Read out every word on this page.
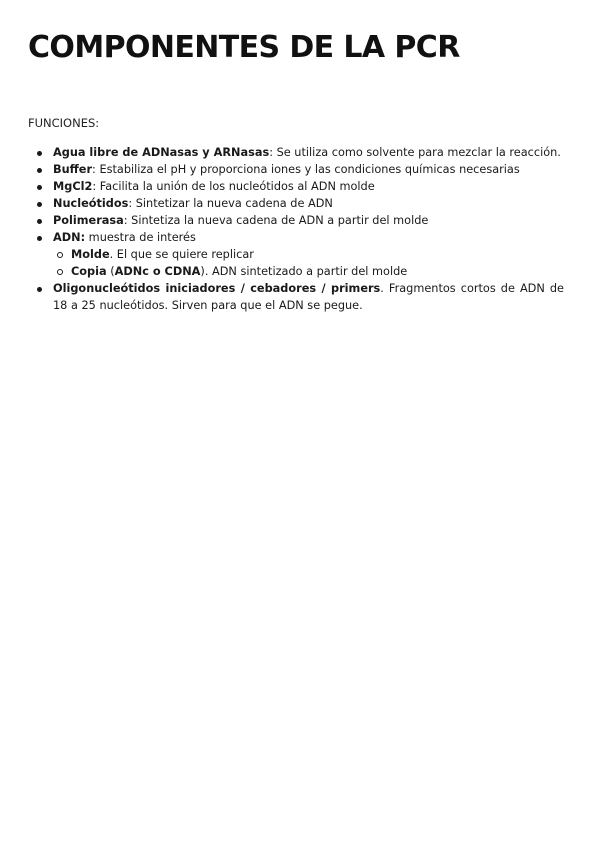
COMPONENTES DE LA PCR
FUNCIONES:
Agua libre de ADNasas y ARNasas: Se utiliza como solvente para mezclar la reacción.
Buffer: Estabiliza el pH y proporciona iones y las condiciones químicas necesarias
MgCl2: Facilita la unión de los nucleótidos al ADN molde
Nucleótidos: Sintetizar la nueva cadena de ADN
Polimerasa: Sintetiza la nueva cadena de ADN a partir del molde
ADN: muestra de interés
Molde. El que se quiere replicar
Copia (ADNc o CDNA). ADN sintetizado a partir del molde
Oligonucleótidos iniciadores / cebadores / primers. Fragmentos cortos de ADN de 18 a 25 nucleótidos. Sirven para que el ADN se pegue.
